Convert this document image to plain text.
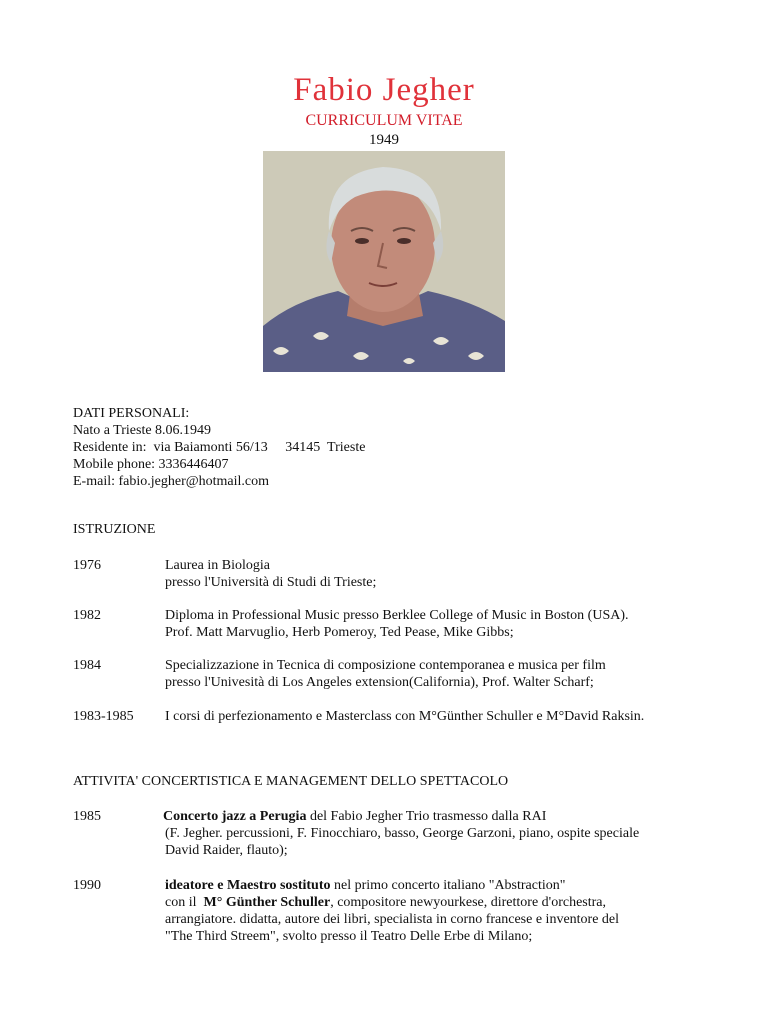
Fabio Jegher
CURRICULUM VITAE
1949
DATI PERSONALI:
Nato a Trieste 8.06.1949
Residente in:  via Baiamonti 56/13     34145  Trieste
Mobile phone: 3336446407
E-mail: fabio.jegher@hotmail.com
ISTRUZIONE
1976	Laurea in Biologia
presso l'Università di Studi di Trieste;
1982	Diploma in Professional Music presso Berklee College of Music in Boston (USA).
Prof. Matt Marvuglio, Herb Pomeroy, Ted Pease, Mike Gibbs;
1984	Specializzazione in Tecnica di composizione contemporanea e musica per film
presso l'Univesità di Los Angeles extension(California), Prof. Walter Scharf;
1983-1985 I corsi di perfezionamento e Masterclass con M°Günther Schuller e M°David Raksin.
ATTIVITA' CONCERTISTICA E MANAGEMENT DELLO SPETTACOLO
1985	Concerto jazz a Perugia del Fabio Jegher Trio trasmesso dalla RAI
(F. Jegher. percussioni, F. Finocchiaro, basso, George Garzoni, piano, ospite speciale
David Raider, flauto);
1990	ideatore e Maestro sostituto nel primo concerto italiano "Abstraction"
con il  M° Günther Schuller, compositore newyourkese, direttore d'orchestra,
arrangiatore. didatta, autore dei libri, specialista in corno francese e inventore del
"The Third Streem", svolto presso il Teatro Delle Erbe di Milano;
